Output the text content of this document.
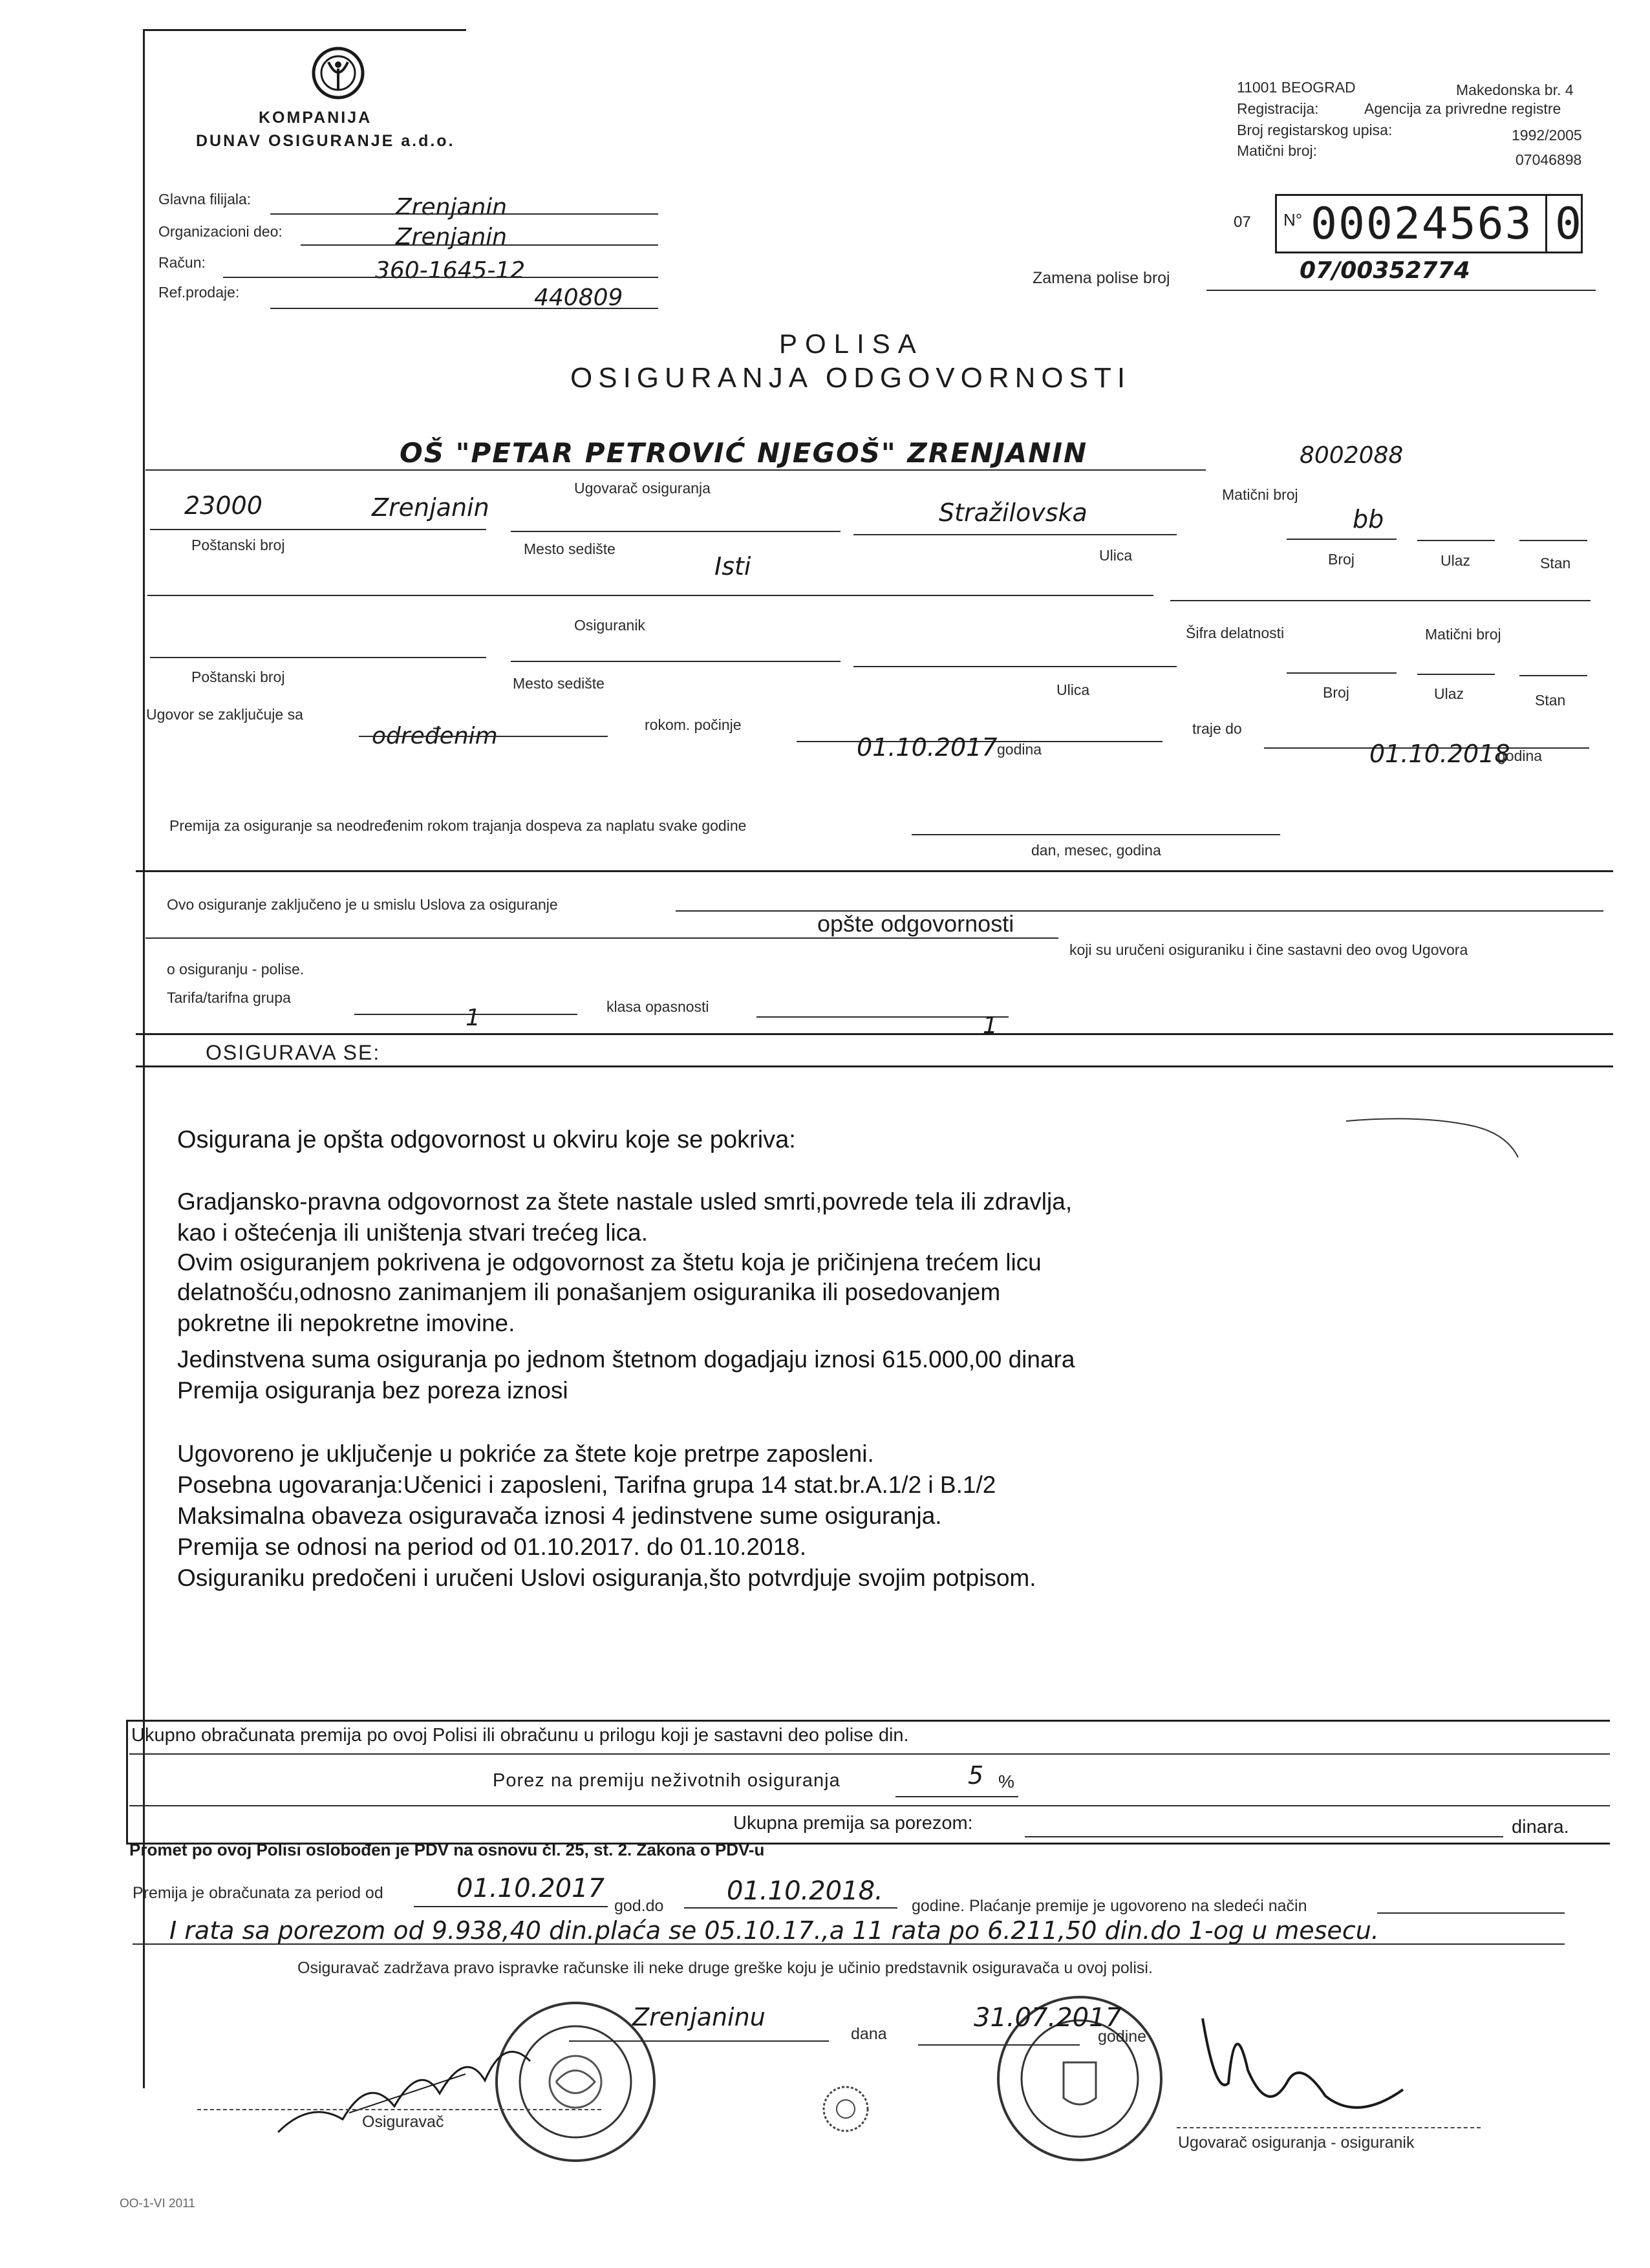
KOMPANIJA
DUNAV OSIGURANJE a.d.o.
11001 BEOGRAD	Makedonska br. 4
Registracija:	Agencija za privredne registre
Broj registarskog upisa:	1992/2005
Matični broj:
07046898
07 N° 00024563 0
Zamena polise broj	07/00352774
Glavna filijala:	Zrenjanin
Organizacioni deo:	Zrenjanin
Račun:	360-1645-12
Ref.prodaje:	440809
POLISA
OSIGURANJA ODGOVORNOSTI
OŠ "PETAR PETROVIĆ NJEGOŠ" ZRENJANIN	8002088
Ugovarač osiguranja	Matični broj
23000	Zrenjanin	Stražilovska	bb
Poštanski broj	Mesto sedište	Ulica	Broj	Ulaz	Stan
Isti
Osiguranik	Šifra delatnosti	Matični broj
Poštanski broj	Mesto sedište	Ulica	Broj	Ulaz	Stan
Ugovor se zaključuje sa
određenim	rokom. počinje
01.10.2017 godina
traje do
01.10.2018
godina
Premija za osiguranje sa neodređenim rokom trajanja dospeva za naplatu svake godine
dan, mesec, godina
Ovo osiguranje zaključeno je u smislu Uslova za osiguranje
opšte odgovornosti
koji su uručeni osiguraniku i čine sastavni deo ovog Ugovora
o osiguranju - polise.
Tarifa/tarifna grupa
1	klasa opasnosti
1
OSIGURAVA SE:
Osigurana je opšta odgovornost u okviru koje se pokriva:
Gradjansko-pravna odgovornost za štete nastale usled smrti,povrede tela ili zdravlja,
kao i oštećenja ili uništenja stvari trećeg lica.
Ovim osiguranjem pokrivena je odgovornost za štetu koja je pričinjena trećem licu
delatnošću,odnosno zanimanjem ili ponašanjem osiguranika ili posedovanjem
pokretne ili nepokretne imovine.
Jedinstvena suma osiguranja po jednom štetnom dogadjaju iznosi 615.000,00 dinara
Premija osiguranja bez poreza iznosi
Ugovoreno je uključenje u pokriće za štete koje pretrpe zaposleni.
Posebna ugovaranja:Učenici i zaposleni, Tarifna grupa 14 stat.br.A.1/2 i B.1/2
Maksimalna obaveza osiguravača iznosi 4 jedinstvene sume osiguranja.
Premija se odnosi na period od 01.10.2017. do 01.10.2018.
Osiguraniku predočeni i uručeni Uslovi osiguranja,što potvrdjuje svojim potpisom.
Ukupno obračunata premija po ovoj Polisi ili obračunu u prilogu koji je sastavni deo polise din.
Porez na premiju neživotnih osiguranja	5 %
Ukupna premija sa porezom:	dinara.
Promet po ovoj Polisi oslobođen je PDV na osnovu čl. 25, st. 2. Zakona o PDV-u
Premija je obračunata za period od	01.10.2017
god.do 01.10.2018. godine. Plaćanje premije je ugovoreno na sledeći način
I rata sa porezom od 9.938,40 din.plaća se 05.10.17.,a 11 rata po 6.211,50 din.do 1-og u mesecu.
Osiguravač zadržava pravo ispravke računske ili neke druge greške koju je učinio predstavnik osiguravača u ovoj polisi.
Zrenjaninu
dana
31.07.2017
godine
Osiguravač
Ugovarač osiguranja - osiguranik
OO-1-VI 2011
